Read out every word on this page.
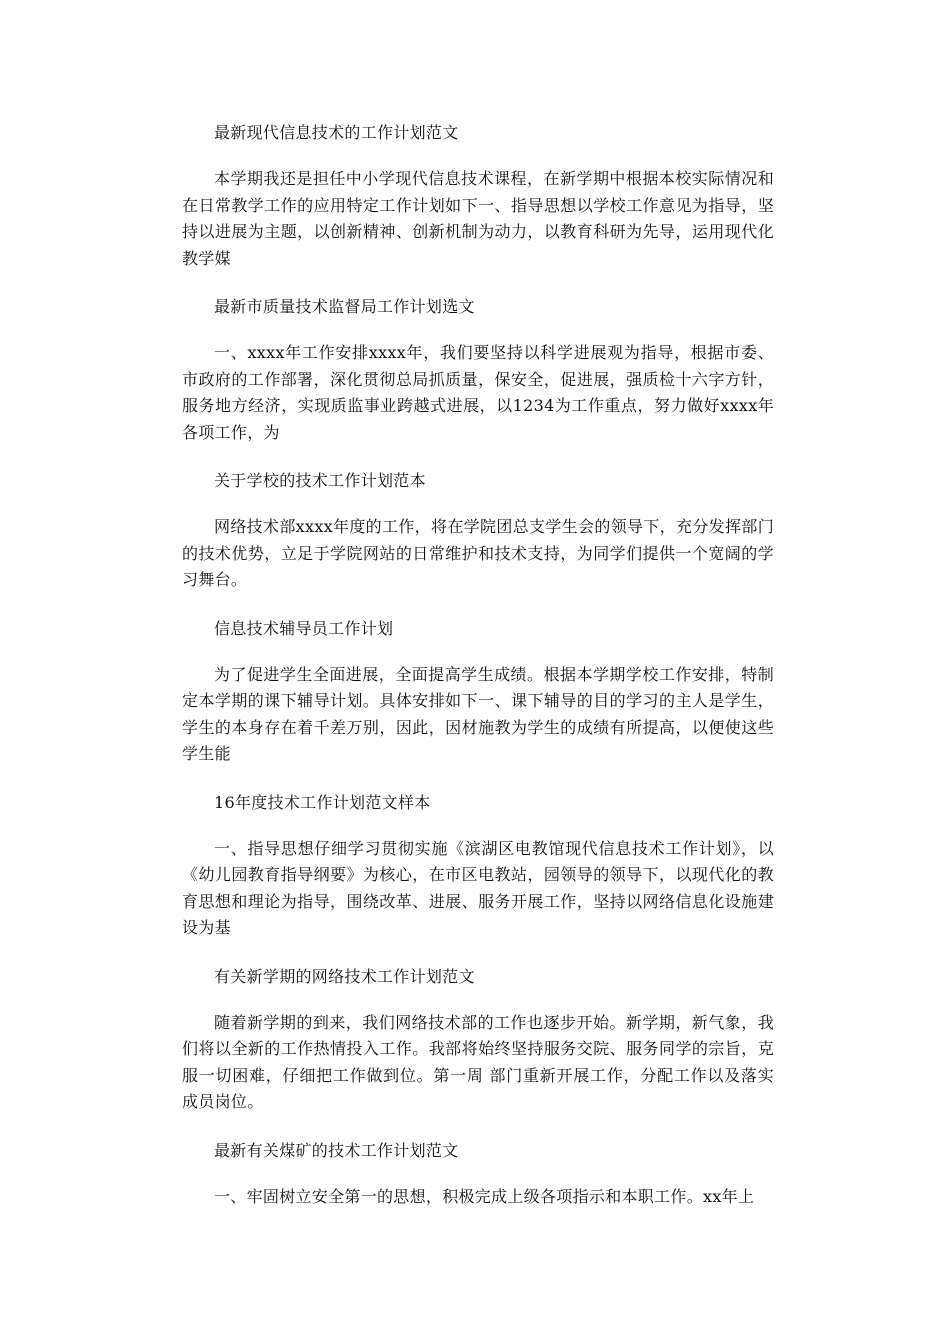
最新现代信息技术的工作计划范文

本学期我还是担任中小学现代信息技术课程，在新学期中根据本校实际情况和在日常教学工作的应用特定工作计划如下一、指导思想以学校工作意见为指导，坚持以进展为主题，以创新精神、创新机制为动力，以教育科研为先导，运用现代化教学媒

最新市质量技术监督局工作计划选文

一、xxxx年工作安排xxxx年，我们要坚持以科学进展观为指导，根据市委、市政府的工作部署，深化贯彻总局抓质量，保安全，促进展，强质检十六字方针，服务地方经济，实现质监事业跨越式进展，以1234为工作重点，努力做好xxxx年各项工作，为

关于学校的技术工作计划范本

网络技术部xxxx年度的工作，将在学院团总支学生会的领导下，充分发挥部门的技术优势，立足于学院网站的日常维护和技术支持，为同学们提供一个宽阔的学习舞台。

信息技术辅导员工作计划

为了促进学生全面进展，全面提高学生成绩。根据本学期学校工作安排，特制定本学期的课下辅导计划。具体安排如下一、课下辅导的目的学习的主人是学生，学生的本身存在着千差万别，因此，因材施教为学生的成绩有所提高，以便使这些学生能

16年度技术工作计划范文样本

一、指导思想仔细学习贯彻实施《滨湖区电教馆现代信息技术工作计划》，以《幼儿园教育指导纲要》为核心，在市区电教站，园领导的领导下，以现代化的教育思想和理论为指导，围绕改革、进展、服务开展工作，坚持以网络信息化设施建设为基

有关新学期的网络技术工作计划范文

随着新学期的到来，我们网络技术部的工作也逐步开始。新学期，新气象，我们将以全新的工作热情投入工作。我部将始终坚持服务交院、服务同学的宗旨，克服一切困难，仔细把工作做到位。第一周 部门重新开展工作，分配工作以及落实成员岗位。

最新有关煤矿的技术工作计划范文

一、牢固树立安全第一的思想，积极完成上级各项指示和本职工作。xx年上
